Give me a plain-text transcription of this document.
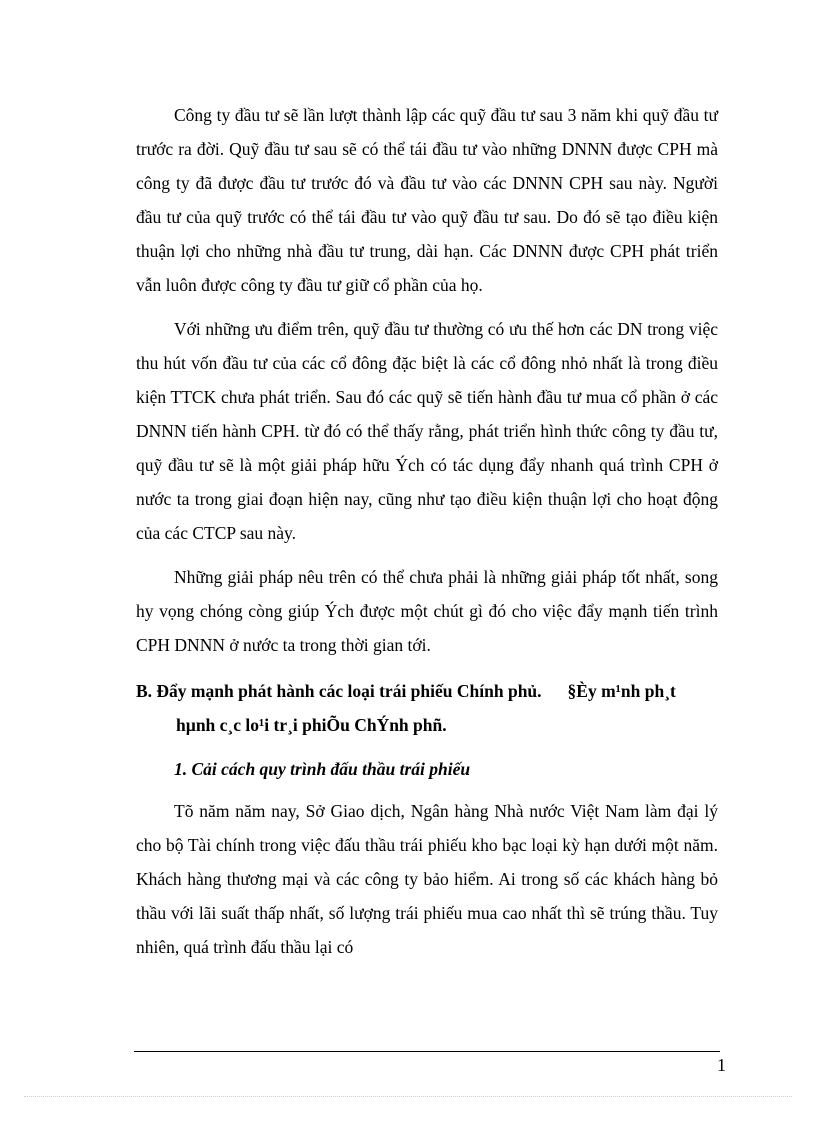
Công ty đầu tư sẽ lần lượt thành lập các quỹ đầu tư sau 3 năm khi quỹ đầu tư trước ra đời. Quỹ đầu tư sau sẽ có thể tái đầu tư vào những DNNN được CPH mà công ty đã được đầu tư trước đó và đầu tư vào các DNNN CPH sau này. Người đầu tư của quỹ trước có thể tái đầu tư vào quỹ đầu tư sau. Do đó sẽ tạo điều kiện thuận lợi cho những nhà đầu tư trung, dài hạn. Các DNNN được CPH phát triển vẫn luôn được công ty đầu tư giữ cổ phần của họ.

Với những ưu điểm trên, quỹ đầu tư thường có ưu thế hơn các DN trong việc thu hút vốn đầu tư của các cổ đông đặc biệt là các cổ đông nhỏ nhất là trong điều kiện TTCK chưa phát triển. Sau đó các quỹ sẽ tiến hành đầu tư mua cổ phần ở các DNNN tiến hành CPH. từ đó có thể thấy rằng, phát triển hình thức công ty đầu tư, quỹ đầu tư sẽ là một giải pháp hữu Ých có tác dụng đẩy nhanh quá trình CPH ở nước ta trong giai đoạn hiện nay, cũng như tạo điều kiện thuận lợi cho hoạt động của các CTCP sau này.

Những giải pháp nêu trên có thể chưa phải là những giải pháp tốt nhất, song hy vọng chóng còng giúp Ých được một chút gì đó cho việc đẩy mạnh tiến trình CPH DNNN ở nước ta trong thời gian tới.

B. Đẩy mạnh phát hành các loại trái phiếu Chính phủ. §Èy m¹nh ph¸t hµnh c¸c lo¹i tr¸i phiÕu ChÝnh phñ.
1. Cải cách quy trình đấu thầu trái phiếu

Tõ năm năm nay, Sở Giao dịch, Ngân hàng Nhà nước Việt Nam làm đại lý cho bộ Tài chính trong việc đấu thầu trái phiếu kho bạc loại kỳ hạn dưới một năm. Khách hàng thương mại và các công ty bảo hiểm. Ai trong số các khách hàng bỏ thầu với lãi suất thấp nhất, số lượng trái phiếu mua cao nhất thì sẽ trúng thầu. Tuy nhiên, quá trình đấu thầu lại có

1
